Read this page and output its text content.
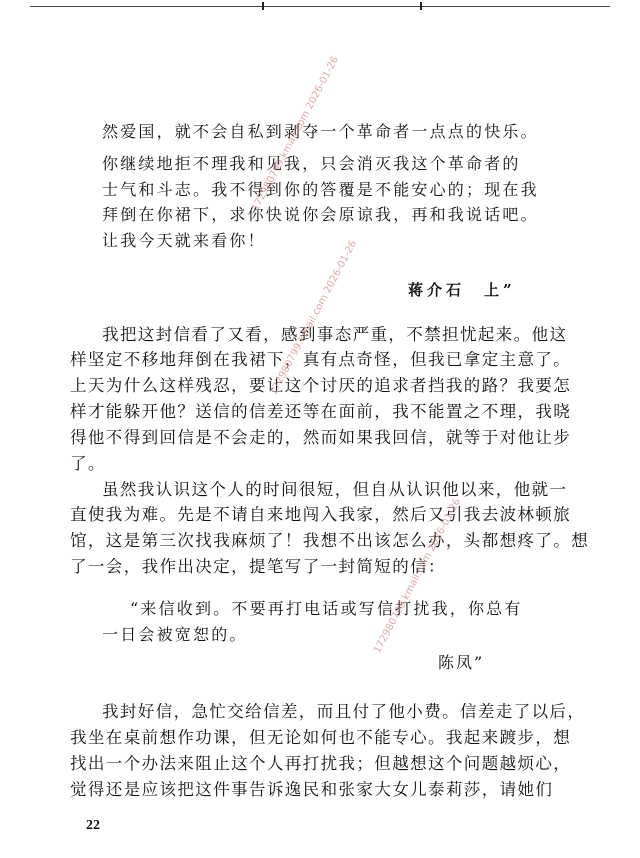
然爱国，就不会自私到剥夺一个革命者一点点的快乐。
你继续地拒不理我和见我，只会消灭我这个革命者的
士气和斗志。我不得到你的答覆是不能安心的；现在我
拜倒在你裙下，求你快说你会原谅我，再和我说话吧。
让我今天就来看你！
蒋介石　上”
我把这封信看了又看，感到事态严重，不禁担忧起来。他这
样坚定不移地拜倒在我裙下，真有点奇怪，但我已拿定主意了。
上天为什么这样残忍，要让这个讨厌的追求者挡我的路？我要怎
样才能躲开他？送信的信差还等在面前，我不能置之不理，我晓
得他不得到回信是不会走的，然而如果我回信，就等于对他让步
了。
虽然我认识这个人的时间很短，但自从认识他以来，他就一
直使我为难。先是不请自来地闯入我家，然后又引我去波林顿旅
馆，这是第三次找我麻烦了！我想不出该怎么办，头都想疼了。想
了一会，我作出决定，提笔写了一封简短的信：
“来信收到。不要再打电话或写信打扰我，你总有
一日会被宽恕的。
陈凤”
我封好信，急忙交给信差，而且付了他小费。信差走了以后，
我坐在桌前想作功课，但无论如何也不能专心。我起来踱步，想
找出一个办法来阻止这个人再打扰我；但越想这个问题越烦心，
觉得还是应该把这件事告诉逸民和张家大女儿泰莉莎，请她们
22
172980799.kmail.com 2026-01-26
172980799.kmail.com 2026-01-26
172980799.kmail.com 2026-01-26
